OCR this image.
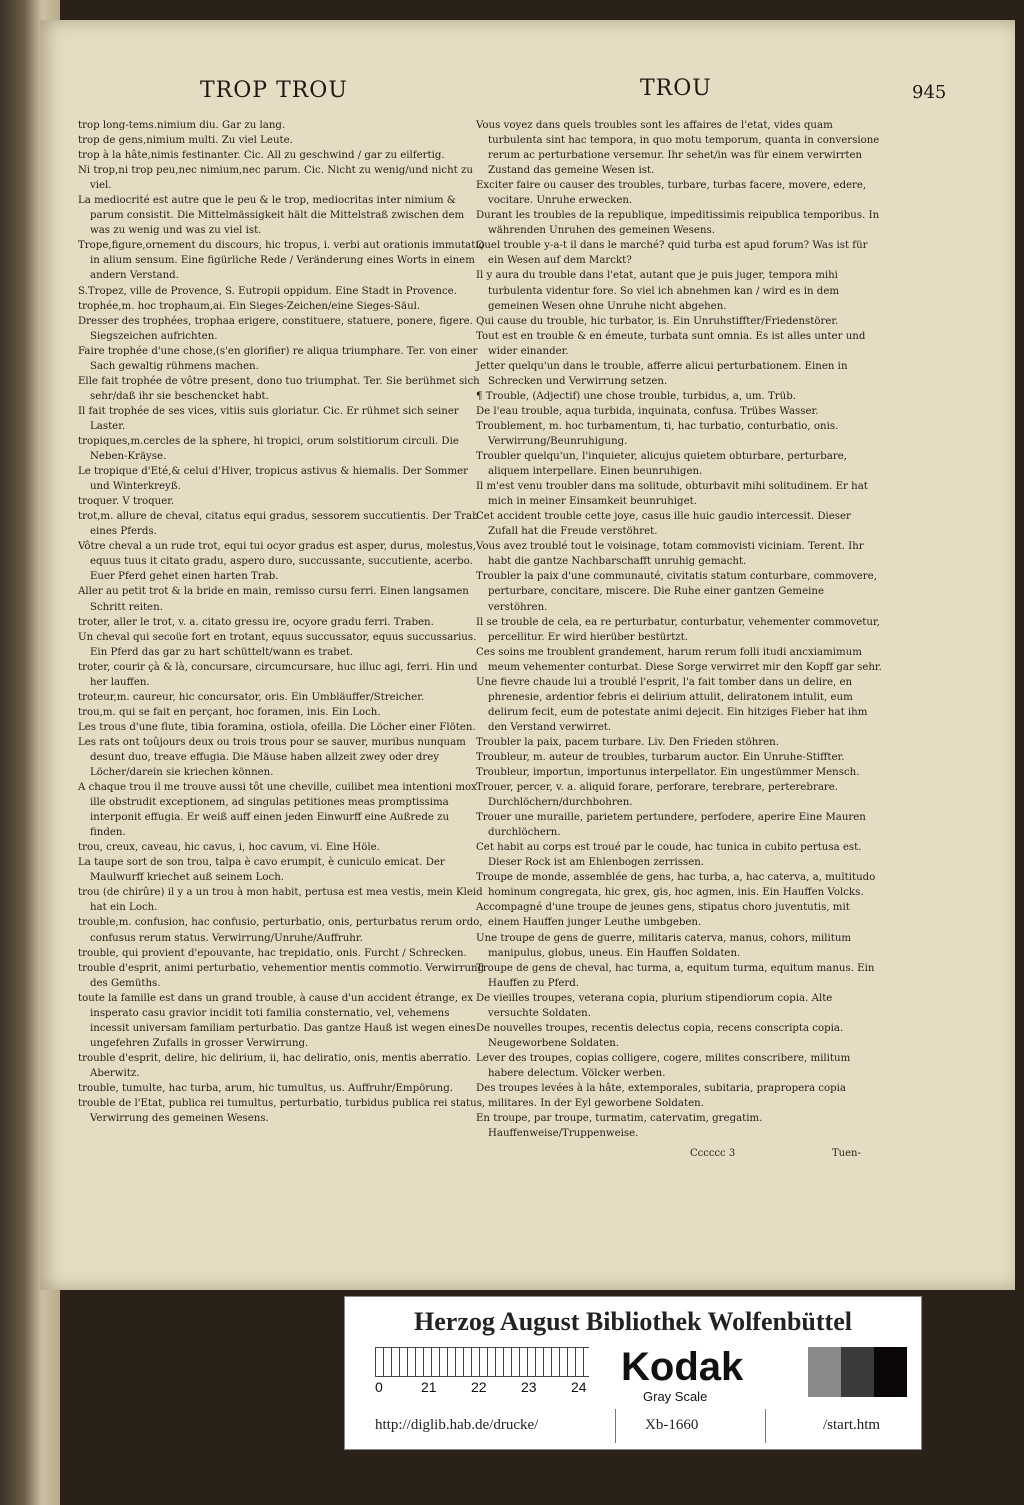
TROP TROU	TROU	945

trop long-tems.nimium diu. Gar zu lang.

trop de gens,nimium multi. Zu viel Leute.

trop à la hâte,nimis festinanter. Cic. All zu geschwind / gar zu eilfertig.

Ni trop,ni trop peu,nec nimium,nec parum. Cic. Nicht zu wenig/und nicht zu viel.

La mediocrité est autre que le peu & le trop, mediocritas inter nimium & parum consistit. Die Mittelmässigkeit hält die Mittelstraß zwischen dem was zu wenig und was zu viel ist.

Trope,figure,ornement du discours, hic tropus, i. verbi aut orationis immutatio in alium sensum. Eine figürliche Rede / Veränderung eines Worts in einem andern Verstand.

S.Tropez, ville de Provence, S. Eutropii oppidum. Eine Stadt in Provence.

trophée,m. hoc trophaum,ai. Ein Sieges-Zeichen/eine Sieges-Säul.

Dresser des trophées, trophaa erigere, constituere, statuere, ponere, figere. Siegszeichen aufrichten.

Faire trophée d'une chose,(s'en glorifier) re aliqua triumphare. Ter. von einer Sach gewaltig rühmens machen.

Elle fait trophée de vôtre present, dono tuo triumphat. Ter. Sie berühmet sich sehr/daß ihr sie beschencket habt.

Il fait trophée de ses vices, vitiis suis gloriatur. Cic. Er rühmet sich seiner Laster.

tropiques,m.cercles de la sphere, hi tropici, orum solstitiorum circuli. Die Neben-Kräyse.

Le tropique d'Eté,& celui d'Hiver, tropicus astivus & hiemalis. Der Sommer und Winterkreyß.

troquer. V troquer.

trot,m. allure de cheval, citatus equi gradus, sessorem succutientis. Der Trab eines Pferds.

Vôtre cheval a un rude trot, equi tui ocyor gradus est asper, durus, molestus, equus tuus it citato gradu, aspero duro, succussante, succutiente, acerbo. Euer Pferd gehet einen harten Trab.

Aller au petit trot & la bride en main, remisso cursu ferri. Einen langsamen Schritt reiten.

troter, aller le trot, v. a. citato gressu ire, ocyore gradu ferri. Traben.

Un cheval qui secoüe fort en trotant, equus succussator, equus succussarius. Ein Pferd das gar zu hart schüttelt/wann es trabet.

troter, courir çà & là, concursare, circumcursare, huc illuc agi, ferri. Hin und her lauffen.

troteur,m. caureur, hic concursator, oris. Ein Umbläuffer/Streicher.

trou,m. qui se fait en perçant, hoc foramen, inis. Ein Loch.

Les trous d'une flute, tibia foramina, ostiola, ofeilla. Die Löcher einer Flöten.

Les rats ont toûjours deux ou trois trous pour se sauver, muribus nunquam desunt duo, treave effugia. Die Mäuse haben allzeit zwey oder drey Löcher/darein sie kriechen können.

A chaque trou il me trouve aussi tôt une cheville, cuilibet mea intentioni mox ille obstrudit exceptionem, ad singulas petitiones meas promptissima interponit effugia. Er weiß auff einen jeden Einwurff eine Außrede zu finden.

trou, creux, caveau, hic cavus, i, hoc cavum, vi. Eine Höle.

La taupe sort de son trou, talpa è cavo erumpit, è cuniculo emicat. Der Maulwurff kriechet auß seinem Loch.

trou (de chirûre) il y a un trou à mon habit, pertusa est mea vestis, mein Kleid hat ein Loch.

trouble,m. confusion, hac confusio, perturbatio, onis, perturbatus rerum ordo, confusus rerum status. Verwirrung/Unruhe/Auffruhr.

trouble, qui provient d'epouvante, hac trepidatio, onis. Furcht / Schrecken.

trouble d'esprit, animi perturbatio, vehementior mentis commotio. Verwirrung des Gemüths.

toute la famille est dans un grand trouble, à cause d'un accident étrange, ex insperato casu gravior incidit toti familia consternatio, vel, vehemens incessit universam familiam perturbatio. Das gantze Hauß ist wegen eines ungefehren Zufalls in grosser Verwirrung.

trouble d'esprit, delire, hic delirium, ii, hac deliratio, onis, mentis aberratio. Aberwitz.

trouble, tumulte, hac turba, arum, hic tumultus, us. Auffruhr/Empörung.

trouble de l'Etat, publica rei tumultus, perturbatio, turbidus publica rei status, Verwirrung des gemeinen Wesens.

Vous voyez dans quels troubles sont les affaires de l'etat, vides quam turbulenta sint hac tempora, in quo motu temporum, quanta in conversione rerum ac perturbatione versemur. Ihr sehet/in was für einem verwirrten Zustand das gemeine Wesen ist.

Exciter faire ou causer des troubles, turbare, turbas facere, movere, edere, vocitare. Unruhe erwecken.

Durant les troubles de la republique, impeditissimis reipublica temporibus. In währenden Unruhen des gemeinen Wesens.

Quel trouble y-a-t il dans le marché? quid turba est apud forum? Was ist für ein Wesen auf dem Marckt?

Il y aura du trouble dans l'etat, autant que je puis juger, tempora mihi turbulenta videntur fore. So viel ich abnehmen kan / wird es in dem gemeinen Wesen ohne Unruhe nicht abgehen.

Qui cause du trouble, hic turbator, is. Ein Unruhstiffter/Friedenstörer.

Tout est en trouble & en émeute, turbata sunt omnia. Es ist alles unter und wider einander.

Jetter quelqu'un dans le trouble, afferre alicui perturbationem. Einen in Schrecken und Verwirrung setzen.

¶ Trouble, (Adjectif) une chose trouble, turbidus, a, um. Trüb.

De l'eau trouble, aqua turbida, inquinata, confusa. Trübes Wasser.

Troublement, m. hoc turbamentum, ti, hac turbatio, conturbatio, onis. Verwirrung/Beunruhigung.

Troubler quelqu'un, l'inquieter, alicujus quietem obturbare, perturbare, aliquem interpellare. Einen beunruhigen.

Il m'est venu troubler dans ma solitude, obturbavit mihi solitudinem. Er hat mich in meiner Einsamkeit beunruhiget.

Cet accident trouble cette joye, casus ille huic gaudio intercessit. Dieser Zufall hat die Freude verstöhret.

Vous avez troublé tout le voisinage, totam commovisti viciniam. Terent. Ihr habt die gantze Nachbarschafft unruhig gemacht.

Troubler la paix d'une communauté, civitatis statum conturbare, commovere, perturbare, concitare, miscere. Die Ruhe einer gantzen Gemeine verstöhren.

Il se trouble de cela, ea re perturbatur, conturbatur, vehementer commovetur, percellitur. Er wird hierüber bestürtzt.

Ces soins me troublent grandement, harum rerum folli itudi ancxiamimum meum vehementer conturbat. Diese Sorge verwirret mir den Kopff gar sehr.

Une fievre chaude lui a troublé l'esprit, l'a fait tomber dans un delire, en phrenesie, ardentior febris ei delirium attulit, deliratonem intulit, eum delirum fecit, eum de potestate animi dejecit. Ein hitziges Fieber hat ihm den Verstand verwirret.

Troubler la paix, pacem turbare. Liv. Den Frieden stöhren.

Troubleur, m. auteur de troubles, turbarum auctor. Ein Unruhe-Stiffter.

Troubleur, importun, importunus interpellator. Ein ungestümmer Mensch.

Trouer, percer, v. a. aliquid forare, perforare, terebrare, perterebrare. Durchlöchern/durchbohren.

Trouer une muraille, parietem pertundere, perfodere, aperire Eine Mauren durchlöchern.

Cet habit au corps est troué par le coude, hac tunica in cubito pertusa est. Dieser Rock ist am Ehlenbogen zerrissen.

Troupe de monde, assemblée de gens, hac turba, a, hac caterva, a, multitudo hominum congregata, hic grex, gis, hoc agmen, inis. Ein Hauffen Volcks.

Accompagné d'une troupe de jeunes gens, stipatus choro juventutis, mit einem Hauffen junger Leuthe umbgeben.

Une troupe de gens de guerre, militaris caterva, manus, cohors, militum manipulus, globus, uneus. Ein Hauffen Soldaten.

Troupe de gens de cheval, hac turma, a, equitum turma, equitum manus. Ein Hauffen zu Pferd.

De vieilles troupes, veterana copia, plurium stipendiorum copia. Alte versuchte Soldaten.

De nouvelles troupes, recentis delectus copia, recens conscripta copia. Neugeworbene Soldaten.

Lever des troupes, copias colligere, cogere, milites conscribere, militum habere delectum. Völcker werben.

Des troupes levées à la hâte, extemporales, subitaria, prapropera copia militares. In der Eyl geworbene Soldaten.

En troupe, par troupe, turmatim, catervatim, gregatim. Hauffenweise/Truppenweise.

Cccccc 3	Tuen-
Herzog August Bibliothek Wolfenbüttel
0	21 22 23 24 Kodak
Gray Scale
http://diglib.hab.de/drucke/	Xb-1660	/start.htm
